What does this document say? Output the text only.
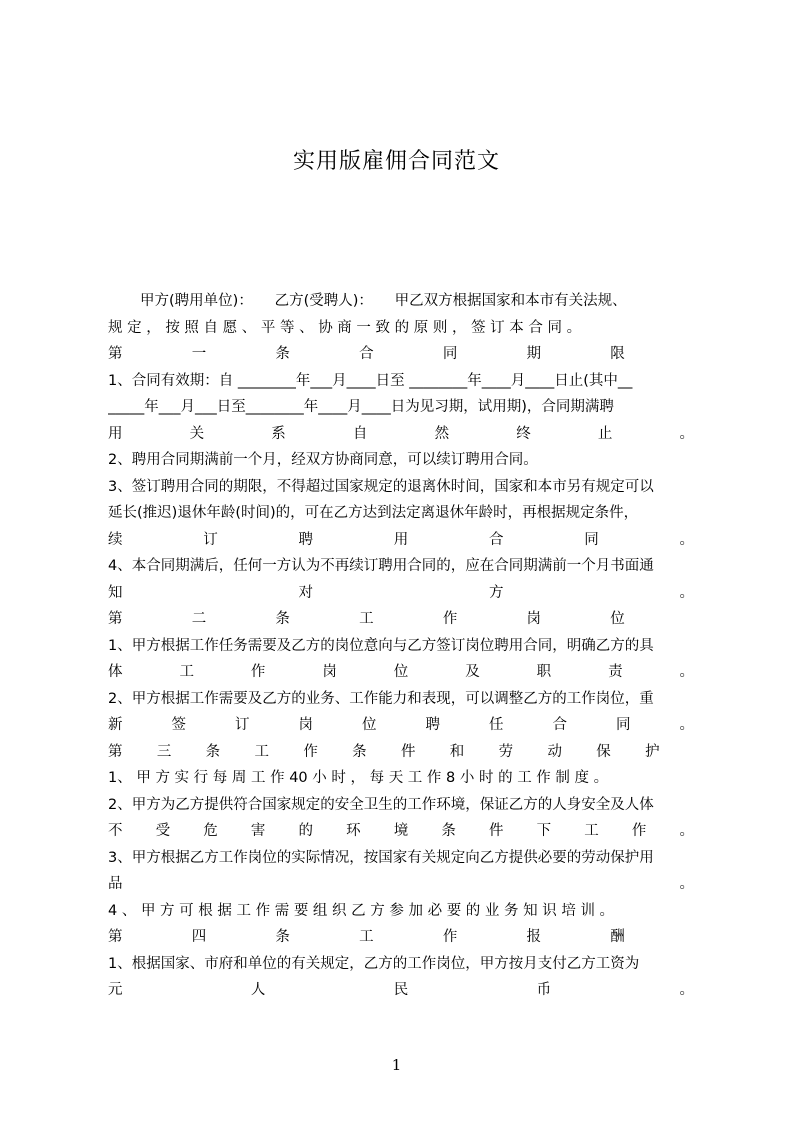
实用版雇佣合同范文
甲方(聘用单位)：　　乙方(受聘人)：　　甲乙双方根据国家和本市有关法规、
规 定 ， 按 照 自 愿 、 平 等 、 协 商 一 致 的 原 则 ， 签 订 本 合 同 。
第	一	条	合	同	期	限
1、合同有效期：自 ________年___月____日至 ________年____月____日止(其中__
_____年___月___日至________年____月____日为见习期，试用期)，合同期满聘
用	关	系	自	然	终	止	。
2、聘用合同期满前一个月，经双方协商同意，可以续订聘用合同。
3、签订聘用合同的期限，不得超过国家规定的退离休时间，国家和本市另有规定可以
延长(推迟)退休年龄(时间)的，可在乙方达到法定离退休年龄时，再根据规定条件，
续	订	聘	用	合	同	。
4、本合同期满后，任何一方认为不再续订聘用合同的，应在合同期满前一个月书面通
知	对	方	。
第	二	条	工	作	岗	位
1、甲方根据工作任务需要及乙方的岗位意向与乙方签订岗位聘用合同，明确乙方的具
体	工	作	岗	位	及	职	责	。
2、甲方根据工作需要及乙方的业务、工作能力和表现，可以调整乙方的工作岗位，重
新	签	订	岗	位	聘	任	合	同	。
第 三 条 工 作 条 件 和 劳 动 保 护
1、 甲 方 实 行 每 周 工 作 40 小 时 ， 每 天 工 作 8 小 时 的 工 作 制 度 。
2、甲方为乙方提供符合国家规定的安全卫生的工作环境，保证乙方的人身安全及人体
不 受 危 害 的 环 境 条 件 下 工 作 。
3、甲方根据乙方工作岗位的实际情况，按国家有关规定向乙方提供必要的劳动保护用
品	。
4 、 甲 方 可 根 据 工 作 需 要 组 织 乙 方 参 加 必 要 的 业 务 知 识 培 训 。
第	四	条	工	作	报	酬
1、根据国家、市府和单位的有关规定，乙方的工作岗位，甲方按月支付乙方工资为
元	人	民	币	。
1
